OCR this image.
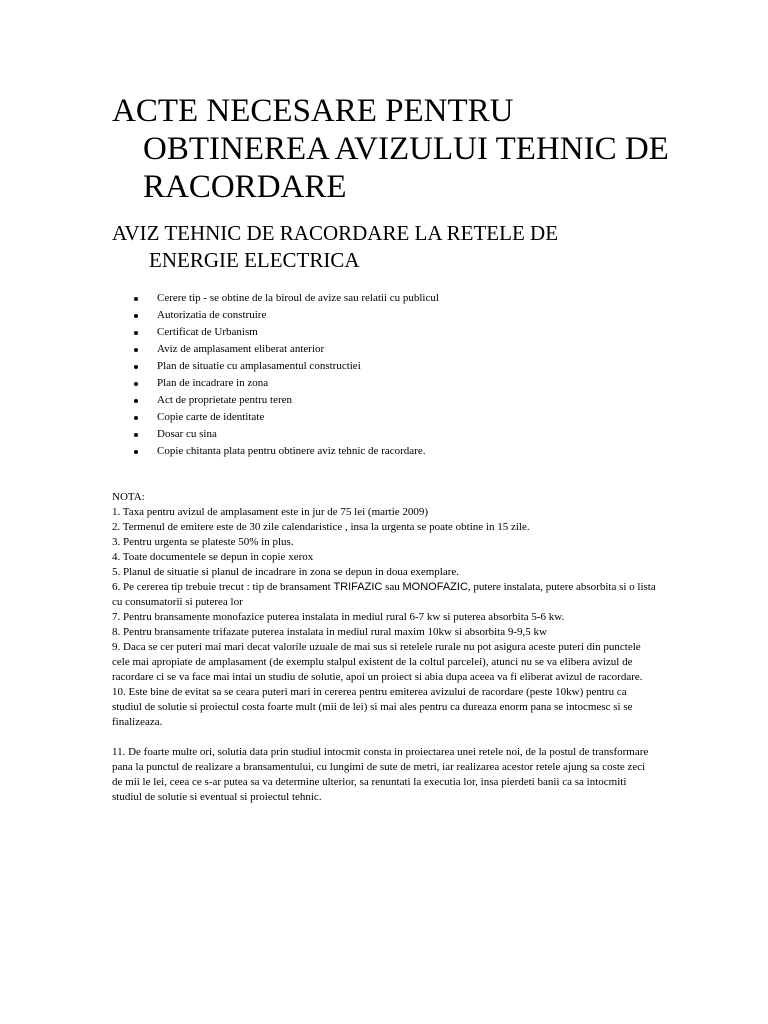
ACTE NECESARE PENTRU
OBTINEREA AVIZULUI TEHNIC DE
RACORDARE
AVIZ TEHNIC DE RACORDARE LA RETELE DE
ENERGIE ELECTRICA
Cerere tip - se obtine de la biroul de avize sau relatii cu publicul
Autorizatia de construire
Certificat de Urbanism
Aviz de amplasament eliberat anterior
Plan de situatie cu amplasamentul constructiei
Plan de incadrare in zona
Act de proprietate pentru teren
Copie carte de identitate
Dosar cu sina
Copie chitanta plata pentru obtinere aviz tehnic de racordare.

NOTA:

1. Taxa pentru avizul de amplasament este in jur de 75 lei (martie 2009)

2. Termenul de emitere este de 30 zile calendaristice , insa la urgenta se poate obtine in 15 zile.

3. Pentru urgenta se plateste 50% in plus.

4. Toate documentele se depun in copie xerox

5. Planul de situatie si planul de incadrare in zona se depun in doua exemplare.

6. Pe cererea tip trebuie trecut : tip de bransament TRIFAZIC sau MONOFAZIC, putere instalata, putere absorbita si o lista cu consumatorii si puterea lor

7. Pentru bransamente monofazice puterea instalata in mediul rural 6-7 kw si puterea absorbita 5-6 kw.

8. Pentru bransamente trifazate puterea instalata in mediul rural maxim 10kw si absorbita 9-9,5 kw

9. Daca se cer puteri mai mari decat valorile uzuale de mai sus si retelele rurale nu pot asigura aceste puteri din punctele cele mai apropiate de amplasament (de exemplu stalpul existent de la coltul parcelei), atunci nu se va elibera avizul de racordare ci se va face mai intai un studiu de solutie, apoi un proiect si abia dupa aceea va fi eliberat avizul de racordare.

10. Este bine de evitat sa se ceara puteri mari in cererea pentru emiterea avizului de racordare (peste 10kw) pentru ca studiul de solutie si proiectul costa foarte mult (mii de lei) si mai ales pentru ca dureaza enorm pana se intocmesc si se finalizeaza.

11. De foarte multe ori, solutia data prin studiul intocmit consta in proiectarea unei retele noi, de la postul de transformare pana la punctul de realizare a bransamentului, cu lungimi de sute de metri, iar realizarea acestor retele ajung sa coste zeci de mii le lei, ceea ce s-ar putea sa va determine ulterior, sa renuntati la executia lor, insa pierdeti banii ca sa intocmiti studiul de solutie si eventual si proiectul tehnic.
